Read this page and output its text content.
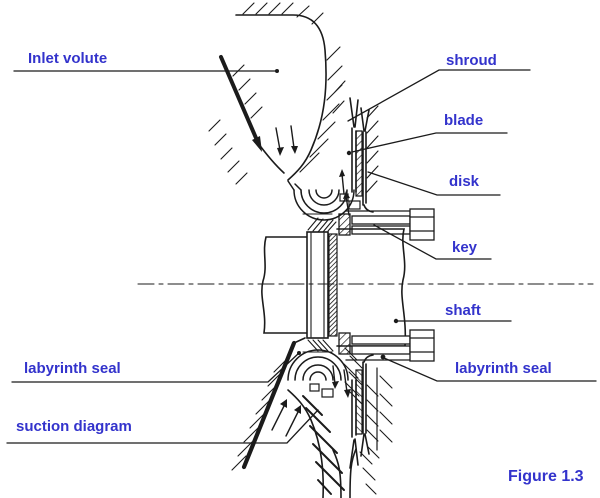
Inlet volute	shroud
blade
disk
key
shaft
labyrinth seal
labyrinth seal
suction diagram
Figure 1.3
